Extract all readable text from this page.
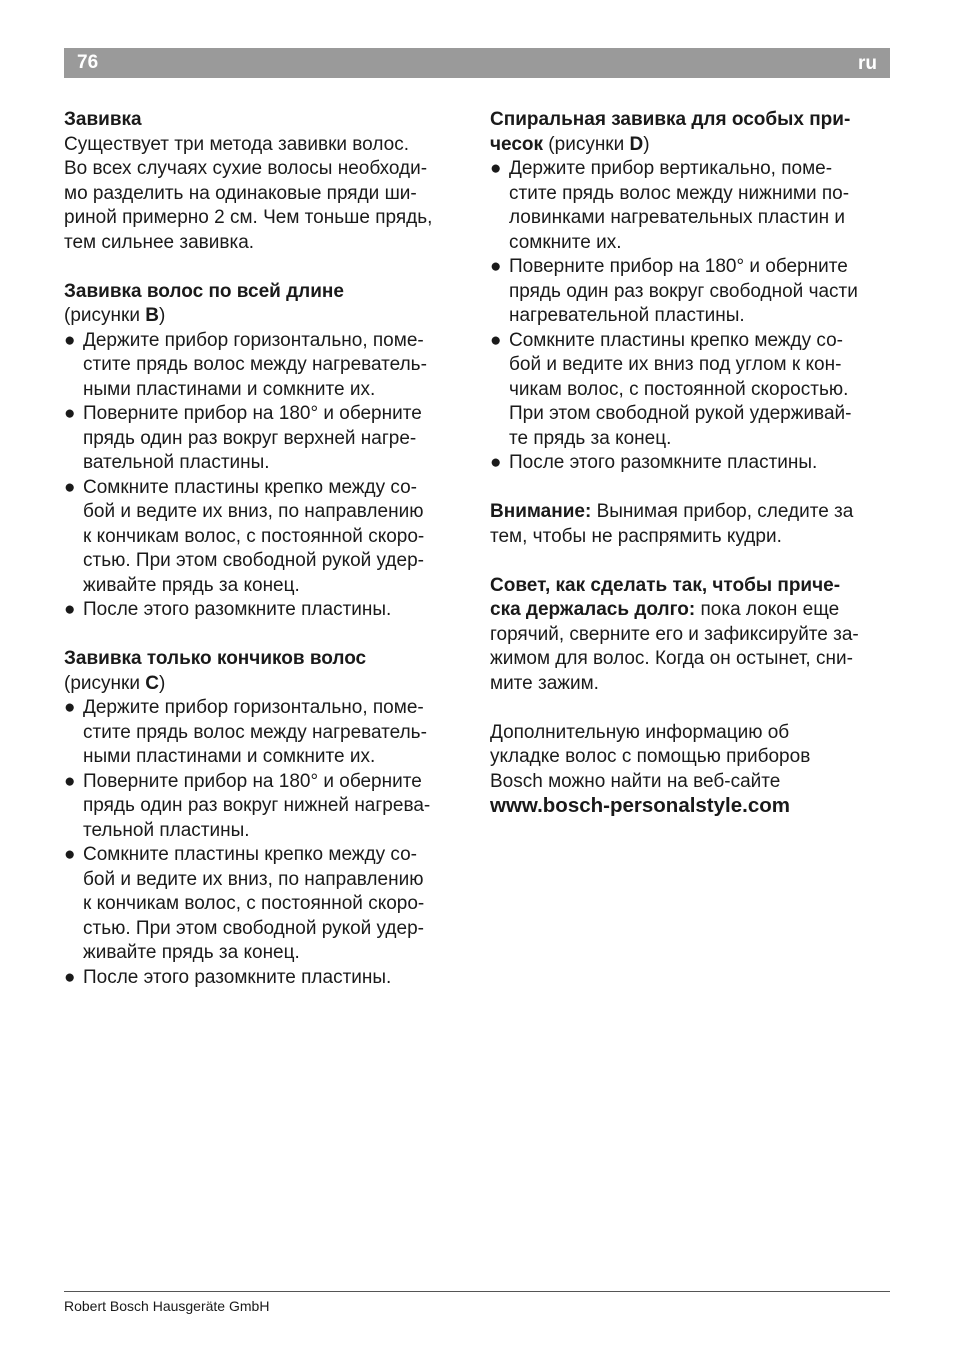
76	ru
Завивка
Существует три метода завивки волос.
Во всех случаях сухие волосы необходи-
мо разделить на одинаковые пряди ши-
риной примерно 2 см. Чем тоньше прядь,
тем сильнее завивка.
Завивка волос по всей длине
(рисунки B)
● Держите прибор горизонтально, поме-
стите прядь волос между нагреватель-
ными пластинами и сомкните их.
● Поверните прибор на 180° и оберните
прядь один раз вокруг верхней нагре-
вательной пластины.
● Сомкните пластины крепко между со-
бой и ведите их вниз, по направлению
к кончикам волос, с постоянной скоро-
стью. При этом свободной рукой удер-
живайте прядь за конец.
● После этого разомкните пластины.
Завивка только кончиков волос
(рисунки C)
● Держите прибор горизонтально, поме-
стите прядь волос между нагреватель-
ными пластинами и сомкните их.
● Поверните прибор на 180° и оберните
прядь один раз вокруг нижней нагрева-
тельной пластины.
● Сомкните пластины крепко между со-
бой и ведите их вниз, по направлению
к кончикам волос, с постоянной скоро-
стью. При этом свободной рукой удер-
живайте прядь за конец.
● После этого разомкните пластины.
Спиральная завивка для особых при-
чесок (рисунки D)
● Держите прибор вертикально, поме-
стите прядь волос между нижними по-
ловинками нагревательных пластин и
сомкните их.
● Поверните прибор на 180° и оберните
прядь один раз вокруг свободной части
нагревательной пластины.
● Сомкните пластины крепко между со-
бой и ведите их вниз под углом к кон-
чикам волос, с постоянной скоростью.
При этом свободной рукой удерживай-
те прядь за конец.
● После этого разомкните пластины.
Внимание: Вынимая прибор, следите за
тем, чтобы не распрямить кудри.
Совет, как сделать так, чтобы приче-
ска держалась долго: пока локон еще
горячий, сверните его и зафиксируйте за-
жимом для волос. Когда он остынет, сни-
мите зажим.
Дополнительную информацию об
укладке волос с помощью приборов
Bosch можно найти на веб-сайте
www.bosch-personalstyle.com
Robert Bosch Hausgeräte GmbH
